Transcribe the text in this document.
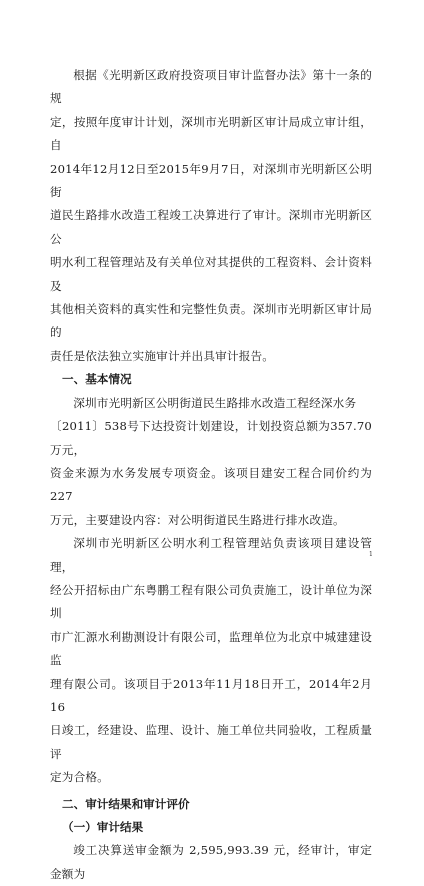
根据《光明新区政府投资项目审计监督办法》第十一条的规
定，按照年度审计计划，深圳市光明新区审计局成立审计组，自
2014年12月12日至2015年9月7日，对深圳市光明新区公明街
道民生路排水改造工程竣工决算进行了审计。深圳市光明新区公
明水利工程管理站及有关单位对其提供的工程资料、会计资料及
其他相关资料的真实性和完整性负责。深圳市光明新区审计局的
责任是依法独立实施审计并出具审计报告。

一、基本情况

深圳市光明新区公明街道民生路排水改造工程经深水务
〔2011〕538号下达投资计划建设，计划投资总额为357.70万元，
资金来源为水务发展专项资金。该项目建安工程合同价约为 227
万元，主要建设内容：对公明街道民生路进行排水改造。

深圳市光明新区公明水利工程管理站负责该项目建设管理，
经公开招标由广东粤鹏工程有限公司负责施工，设计单位为深圳
市广汇源水利勘测设计有限公司，监理单位为北京中城建建设监
理有限公司。该项目于2013年11月18日开工，2014年2月16
日竣工，经建设、监理、设计、施工单位共同验收，工程质量评
定为合格。

二、审计结果和审计评价

（一）审计结果

竣工决算送审金额为 2,595,993.39 元，经审计，审定金额为

1
